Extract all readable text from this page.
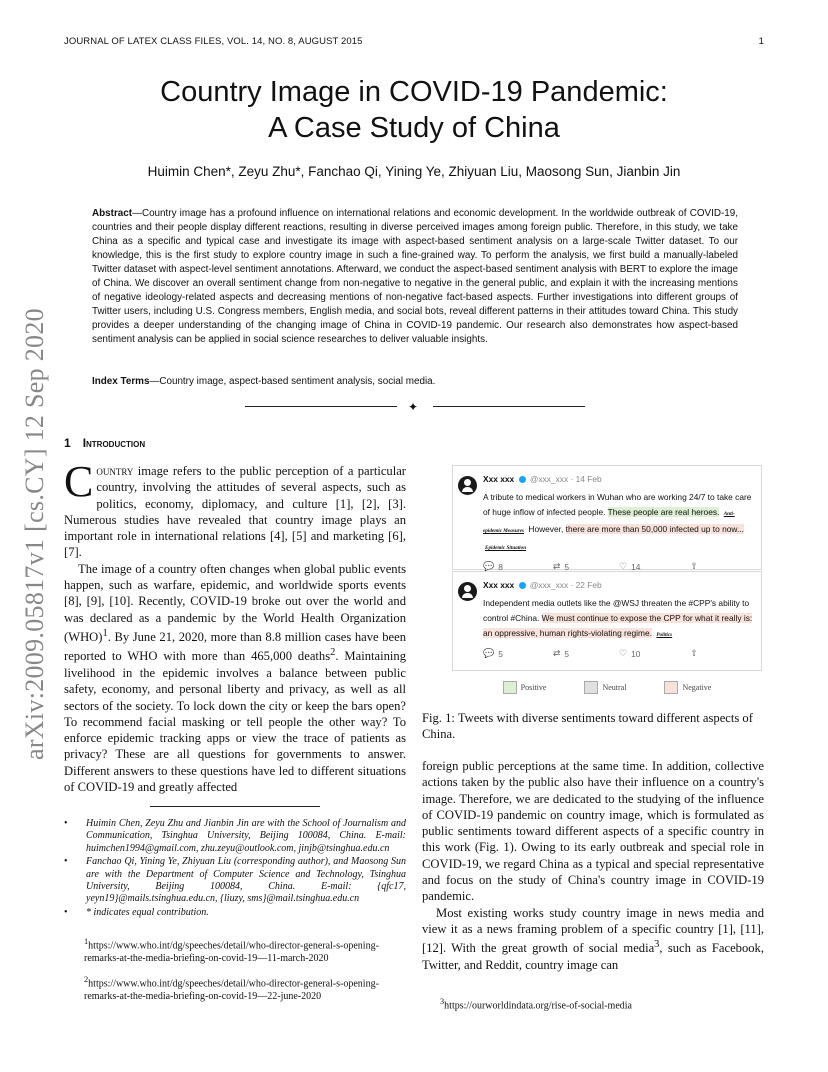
JOURNAL OF LATEX CLASS FILES, VOL. 14, NO. 8, AUGUST 2015	1
arXiv:2009.05817v1 [cs.CY] 12 Sep 2020
Country Image in COVID-19 Pandemic:
A Case Study of China
Huimin Chen*, Zeyu Zhu*, Fanchao Qi, Yining Ye, Zhiyuan Liu, Maosong Sun, Jianbin Jin
Abstract—Country image has a profound influence on international relations and economic development. In the worldwide outbreak of COVID-19, countries and their people display different reactions, resulting in diverse perceived images among foreign public. Therefore, in this study, we take China as a specific and typical case and investigate its image with aspect-based sentiment analysis on a large-scale Twitter dataset. To our knowledge, this is the first study to explore country image in such a fine-grained way. To perform the analysis, we first build a manually-labeled Twitter dataset with aspect-level sentiment annotations. Afterward, we conduct the aspect-based sentiment analysis with BERT to explore the image of China. We discover an overall sentiment change from non-negative to negative in the general public, and explain it with the increasing mentions of negative ideology-related aspects and decreasing mentions of non-negative fact-based aspects. Further investigations into different groups of Twitter users, including U.S. Congress members, English media, and social bots, reveal different patterns in their attitudes toward China. This study provides a deeper understanding of the changing image of China in COVID-19 pandemic. Our research also demonstrates how aspect-based sentiment analysis can be applied in social science researches to deliver valuable insights.
Index Terms—Country image, aspect-based sentiment analysis, social media.
✦
1 Introduction

Country image refers to the public perception of a particular country, involving the attitudes of several aspects, such as politics, economy, diplomacy, and culture [1], [2], [3]. Numerous studies have revealed that country image plays an important role in international relations [4], [5] and marketing [6], [7].

The image of a country often changes when global public events happen, such as warfare, epidemic, and worldwide sports events [8], [9], [10]. Recently, COVID-19 broke out over the world and was declared as a pandemic by the World Health Organization (WHO)$^1$. By June 21, 2020, more than 8.8 million cases have been reported to WHO with more than 465,000 deaths$^2$. Maintaining livelihood in the epidemic involves a balance between public safety, economy, and personal liberty and privacy, as well as all sectors of the society. To lock down the city or keep the bars open? To recommend facial masking or tell people the other way? To enforce epidemic tracking apps or view the trace of patients as privacy? These are all questions for governments to answer. Different answers to these questions have led to different situations of COVID-19 and greatly affected

• Huimin Chen, Zeyu Zhu and Jianbin Jin are with the School of Journalism and Communication, Tsinghua University, Beijing 100084, China. E-mail: huimchen1994@gmail.com, zhu.zeyu@outlook.com, jinjb@tsinghua.edu.cn
• Fanchao Qi, Yining Ye, Zhiyuan Liu (corresponding author), and Maosong Sun are with the Department of Computer Science and Technology, Tsinghua University, Beijing 100084, China. E-mail: {qfc17, yeyn19}@mails.tsinghua.edu.cn, {liuzy, sms}@mail.tsinghua.edu.cn
• * indicates equal contribution.
$^1$https://www.who.int/dg/speeches/detail/who-director-general-s-opening-remarks-at-the-media-briefing-on-covid-19—11-march-2020
$^2$https://www.who.int/dg/speeches/detail/who-director-general-s-opening-remarks-at-the-media-briefing-on-covid-19—22-june-2020
Xxx xxx @xxx_xxx · 14 Feb
A tribute to medical workers in Wuhan who are working 24/7 to take care of huge inflow of infected people. These people are real heroes. Anti-epidemic Measures However, there are more than 50,000 infected up to now... Epidemic Situation
💬 8	⇄ 5	♡ 14	⇧
Xxx xxx @xxx_xxx · 22 Feb
Independent media outlets like the @WSJ threaten the #CPP's ability to control #China. We must continue to expose the CPP for what it really is: an oppressive, human rights-violating regime. Politics
💬 5	⇄ 5	♡ 10	⇧
Positive	Neutral	Negative
Fig. 1: Tweets with diverse sentiments toward different aspects of China.

foreign public perceptions at the same time. In addition, collective actions taken by the public also have their influence on a country's image. Therefore, we are dedicated to the studying of the influence of COVID-19 pandemic on country image, which is formulated as public sentiments toward different aspects of a specific country in this work (Fig. 1). Owing to its early outbreak and special role in COVID-19, we regard China as a typical and special representative and focus on the study of China's country image in COVID-19 pandemic.

Most existing works study country image in news media and view it as a news framing problem of a specific country [1], [11], [12]. With the great growth of social media$^3$, such as Facebook, Twitter, and Reddit, country image can

$^3$https://ourworldindata.org/rise-of-social-media
